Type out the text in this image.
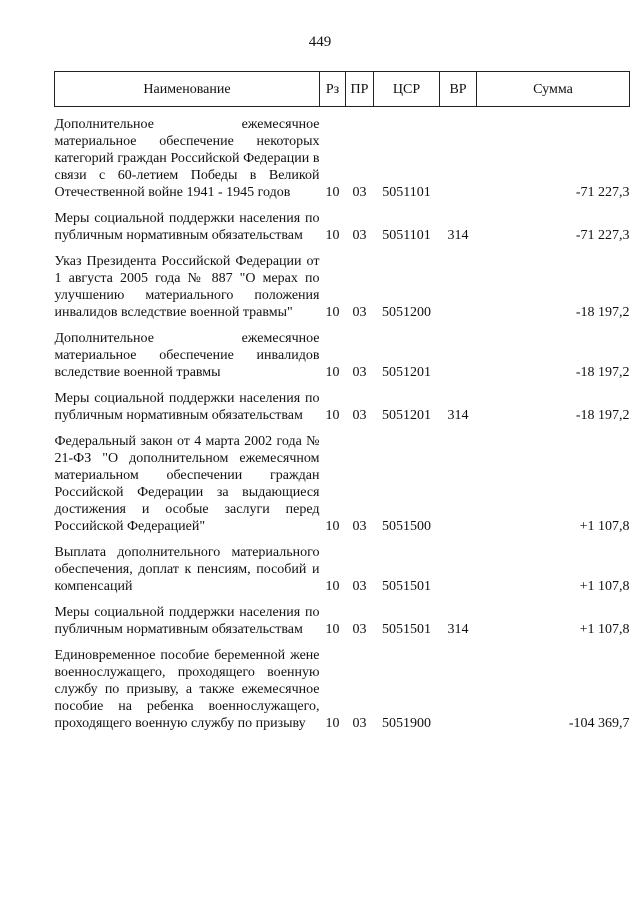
449
Наименование	Рз	ПР	ЦСР	ВР	Сумма

Дополнительное ежемесячное материальное обеспечение некоторых категорий граждан Российской Федерации в связи с 60-летием Победы в Великой Отечественной войне 1941 - 1945 годов	10	03	5051101		-71 227,3

Меры социальной поддержки населения по публичным нормативным обязательствам	10	03	5051101	314	-71 227,3

Указ Президента Российской Федерации от 1 августа 2005 года № 887 "О мерах по улучшению материального положения инвалидов вследствие военной травмы"	10	03	5051200		-18 197,2

Дополнительное ежемесячное материальное обеспечение инвалидов вследствие военной травмы	10	03	5051201		-18 197,2

Меры социальной поддержки населения по публичным нормативным обязательствам	10	03	5051201	314	-18 197,2

Федеральный закон от 4 марта 2002 года № 21-ФЗ "О дополнительном ежемесячном материальном обеспечении граждан Российской Федерации за выдающиеся достижения и особые заслуги перед Российской Федерацией"	10	03	5051500		+1 107,8

Выплата дополнительного материального обеспечения, доплат к пенсиям, пособий и компенсаций	10	03	5051501		+1 107,8

Меры социальной поддержки населения по публичным нормативным обязательствам	10	03	5051501	314	+1 107,8

Единовременное пособие беременной жене военнослужащего, проходящего военную службу по призыву, а также ежемесячное пособие на ребенка военнослужащего, проходящего военную службу по призыву	10	03	5051900		-104 369,7
